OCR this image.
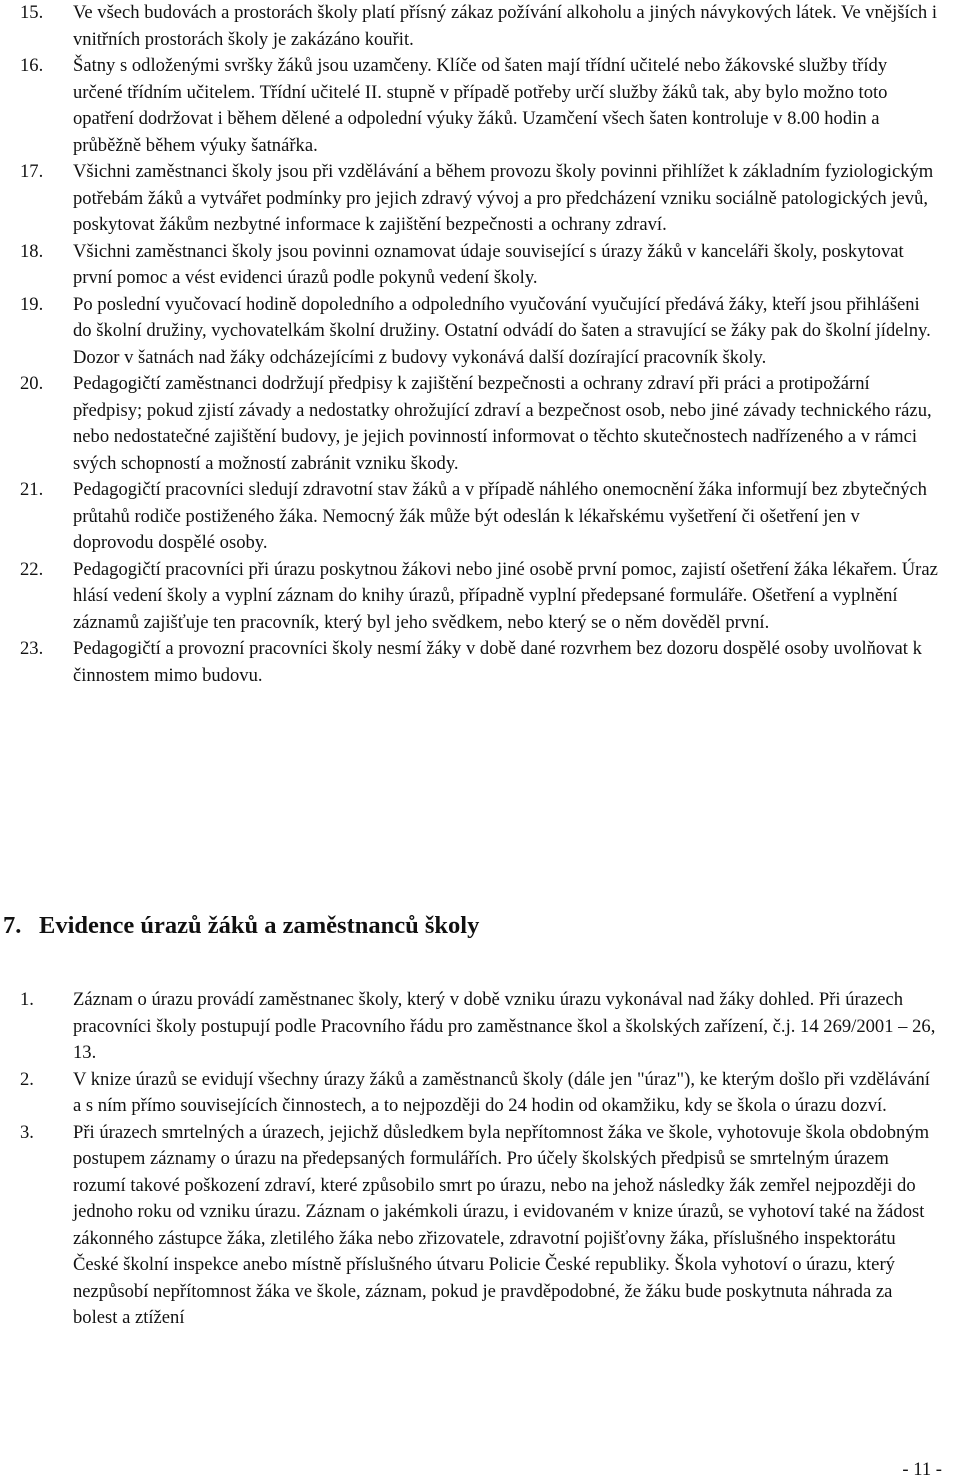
15. Ve všech budovách a prostorách školy platí přísný zákaz požívání alkoholu a jiných návykových látek. Ve vnějších i vnitřních prostorách školy je zakázáno kouřit.
16. Šatny s odloženými svršky žáků jsou uzamčeny. Klíče od šaten mají třídní učitelé nebo žákovské služby třídy určené třídním učitelem. Třídní učitelé II. stupně v případě potřeby určí služby žáků tak, aby bylo možno toto opatření dodržovat i během dělené a odpolední výuky žáků. Uzamčení všech šaten kontroluje v 8.00 hodin a průběžně během výuky šatnářka.
17. Všichni zaměstnanci školy jsou při vzdělávání a během provozu školy povinni přihlížet k základním fyziologickým potřebám žáků a vytvářet podmínky pro jejich zdravý vývoj a pro předcházení vzniku sociálně patologických jevů, poskytovat žákům nezbytné informace k zajištění bezpečnosti a ochrany zdraví.
18. Všichni zaměstnanci školy jsou povinni oznamovat údaje související s úrazy žáků v kanceláři školy, poskytovat první pomoc a vést evidenci úrazů podle pokynů vedení školy.
19. Po poslední vyučovací hodině dopoledního a odpoledního vyučování vyučující předává žáky, kteří jsou přihlášeni do školní družiny, vychovatelkám školní družiny. Ostatní odvádí do šaten a stravující se žáky pak do školní jídelny. Dozor v šatnách nad žáky odcházejícími z budovy vykonává další dozírající pracovník školy.
20. Pedagogičtí zaměstnanci dodržují předpisy k zajištění bezpečnosti a ochrany zdraví při práci a protipožární předpisy; pokud zjistí závady a nedostatky ohrožující zdraví a bezpečnost osob, nebo jiné závady technického rázu, nebo nedostatečné zajištění budovy, je jejich povinností informovat o těchto skutečnostech nadřízeného a v rámci svých schopností a možností zabránit vzniku škody.
21. Pedagogičtí pracovníci sledují zdravotní stav žáků a v případě náhlého onemocnění žáka informují bez zbytečných průtahů rodiče postiženého žáka. Nemocný žák může být odeslán k lékařskému vyšetření či ošetření jen v doprovodu dospělé osoby.
22. Pedagogičtí pracovníci při úrazu poskytnou žákovi nebo jiné osobě první pomoc, zajistí ošetření žáka lékařem. Úraz hlásí vedení školy a vyplní záznam do knihy úrazů, případně vyplní předepsané formuláře. Ošetření a vyplnění záznamů zajišťuje ten pracovník, který byl jeho svědkem, nebo který se o něm dověděl první.
23. Pedagogičtí a provozní pracovníci školy nesmí žáky v době dané rozvrhem bez dozoru dospělé osoby uvolňovat k činnostem mimo budovu.
7. Evidence úrazů žáků a zaměstnanců školy
1. Záznam o úrazu provádí zaměstnanec školy, který v době vzniku úrazu vykonával nad žáky dohled. Při úrazech pracovníci školy postupují podle Pracovního řádu pro zaměstnance škol a školských zařízení, č.j. 14 269/2001 – 26, 13.
2. V knize úrazů se evidují všechny úrazy žáků a zaměstnanců školy (dále jen "úraz"), ke kterým došlo při vzdělávání a s ním přímo souvisejících činnostech, a to nejpozději do 24 hodin od okamžiku, kdy se škola o úrazu dozví.
3. Při úrazech smrtelných a úrazech, jejichž důsledkem byla nepřítomnost žáka ve škole, vyhotovuje škola obdobným postupem záznamy o úrazu na předepsaných formulářích. Pro účely školských předpisů se smrtelným úrazem rozumí takové poškození zdraví, které způsobilo smrt po úrazu, nebo na jehož následky žák zemřel nejpozději do jednoho roku od vzniku úrazu. Záznam o jakémkoli úrazu, i evidovaném v knize úrazů, se vyhotoví také na žádost zákonného zástupce žáka, zletilého žáka nebo zřizovatele, zdravotní pojišťovny žáka, příslušného inspektorátu České školní inspekce anebo místně příslušného útvaru Policie České republiky. Škola vyhotoví o úrazu, který nezpůsobí nepřítomnost žáka ve škole, záznam, pokud je pravděpodobné, že žáku bude poskytnuta náhrada za bolest a ztížení
- 11 -
